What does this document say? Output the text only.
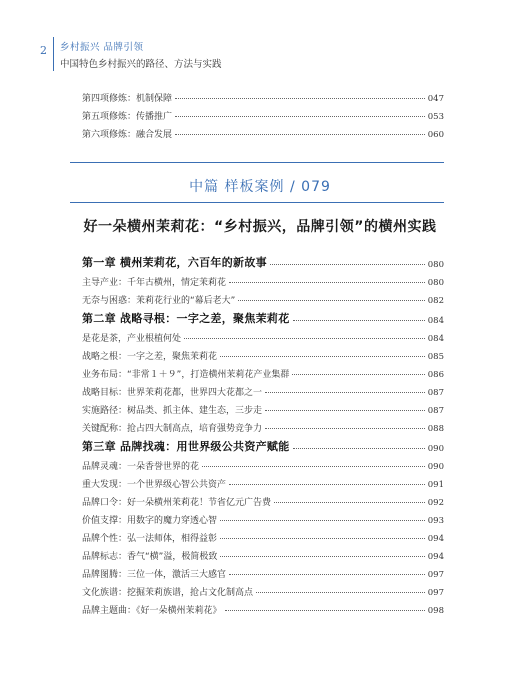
2 乡村振兴 品牌引领
中国特色乡村振兴的路径、方法与实践
第四项修炼：机制保障	047
第五项修炼：传播推广	053
第六项修炼：融合发展	060
中篇 样板案例 / 079
好一朵横州茉莉花：“乡村振兴，品牌引领”的横州实践
第一章 横州茉莉花，六百年的新故事	080
主导产业：千年古横州，情定茉莉花	080
无奈与困惑：茉莉花行业的“幕后老大”	082
第二章 战略寻根：一字之差，聚焦茉莉花	084
是花是茶，产业根植何处	084
战略之根：一字之差，聚焦茉莉花	085
业务布局：“非常１＋９”，打造横州茉莉花产业集群	086
战略目标：世界茉莉花都，世界四大花都之一	087
实施路径：树品类、抓主体、建生态，三步走	087
关键配称：抢占四大制高点，培育强势竞争力	088
第三章 品牌找魂：用世界级公共资产赋能	090
品牌灵魂：一朵香誉世界的花	090
重大发现：一个世界级心智公共资产	091
品牌口令：好一朵横州茉莉花！节省亿元广告费	092
价值支撑：用数字的魔力穿透心智	093
品牌个性：弘一法师体，相得益彰	094
品牌标志：香气“横”溢，极简极致	094
品牌图腾：三位一体，激活三大感官	097
文化族谱：挖掘茉莉族谱，抢占文化制高点	097
品牌主题曲：《好一朵横州茉莉花》	098
